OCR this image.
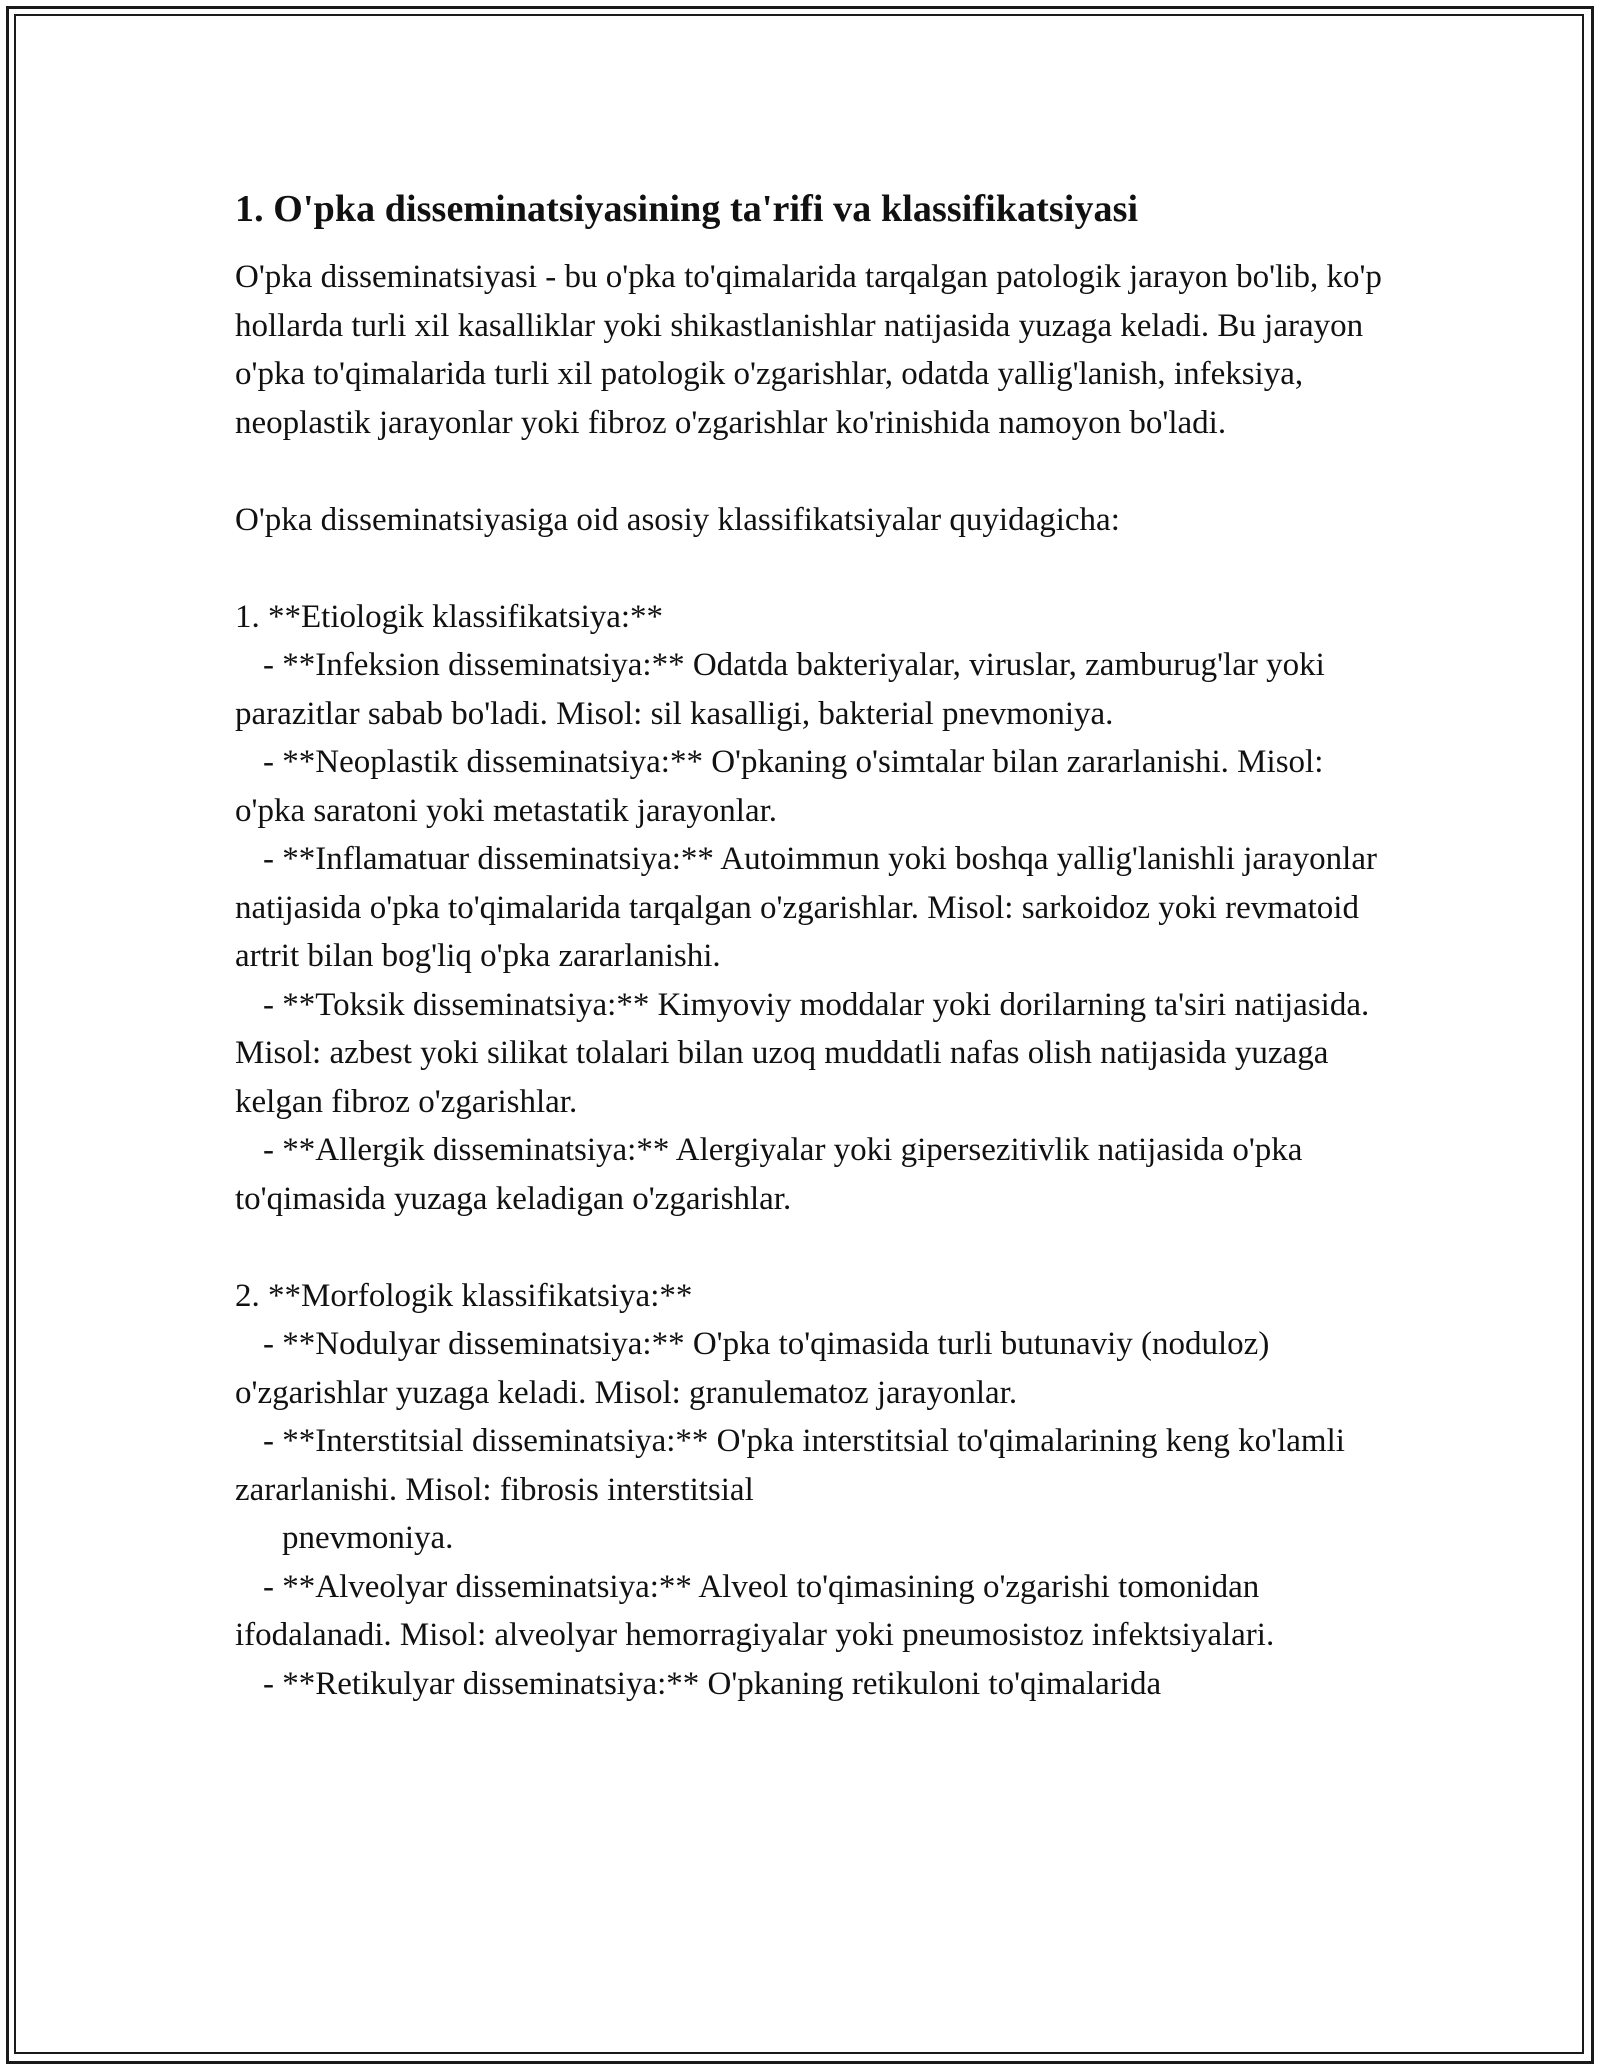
1. O'pka disseminatsiyasining ta'rifi va klassifikatsiyasi

O'pka disseminatsiyasi - bu o'pka to'qimalarida tarqalgan patologik jarayon bo'lib, ko'p hollarda turli xil kasalliklar yoki shikastlanishlar natijasida yuzaga keladi. Bu jarayon o'pka to'qimalarida turli xil patologik o'zgarishlar, odatda yallig'lanish, infeksiya, neoplastik jarayonlar yoki fibroz o'zgarishlar ko'rinishida namoyon bo'ladi.

O'pka disseminatsiyasiga oid asosiy klassifikatsiyalar quyidagicha:

1. **Etiologik klassifikatsiya:**

- **Infeksion disseminatsiya:** Odatda bakteriyalar, viruslar, zamburug'lar yoki parazitlar sabab bo'ladi. Misol: sil kasalligi, bakterial pnevmoniya.

- **Neoplastik disseminatsiya:** O'pkaning o'simtalar bilan zararlanishi. Misol: o'pka saratoni yoki metastatik jarayonlar.

- **Inflamatuar disseminatsiya:** Autoimmun yoki boshqa yallig'lanishli jarayonlar natijasida o'pka to'qimalarida tarqalgan o'zgarishlar. Misol: sarkoidoz yoki revmatoid artrit bilan bog'liq o'pka zararlanishi.

- **Toksik disseminatsiya:** Kimyoviy moddalar yoki dorilarning ta'siri natijasida. Misol: azbest yoki silikat tolalari bilan uzoq muddatli nafas olish natijasida yuzaga kelgan fibroz o'zgarishlar.

- **Allergik disseminatsiya:** Alergiyalar yoki gipersezitivlik natijasida o'pka to'qimasida yuzaga keladigan o'zgarishlar.

2. **Morfologik klassifikatsiya:**

- **Nodulyar disseminatsiya:** O'pka to'qimasida turli butunaviy (noduloz) o'zgarishlar yuzaga keladi. Misol: granulematoz jarayonlar.

- **Interstitsial disseminatsiya:** O'pka interstitsial to'qimalarining keng ko'lamli zararlanishi. Misol: fibrosis interstitsial

pnevmoniya.

- **Alveolyar disseminatsiya:** Alveol to'qimasining o'zgarishi tomonidan ifodalanadi. Misol: alveolyar hemorragiyalar yoki pneumosistoz infektsiyalari.

- **Retikulyar disseminatsiya:** O'pkaning retikuloni to'qimalarida
